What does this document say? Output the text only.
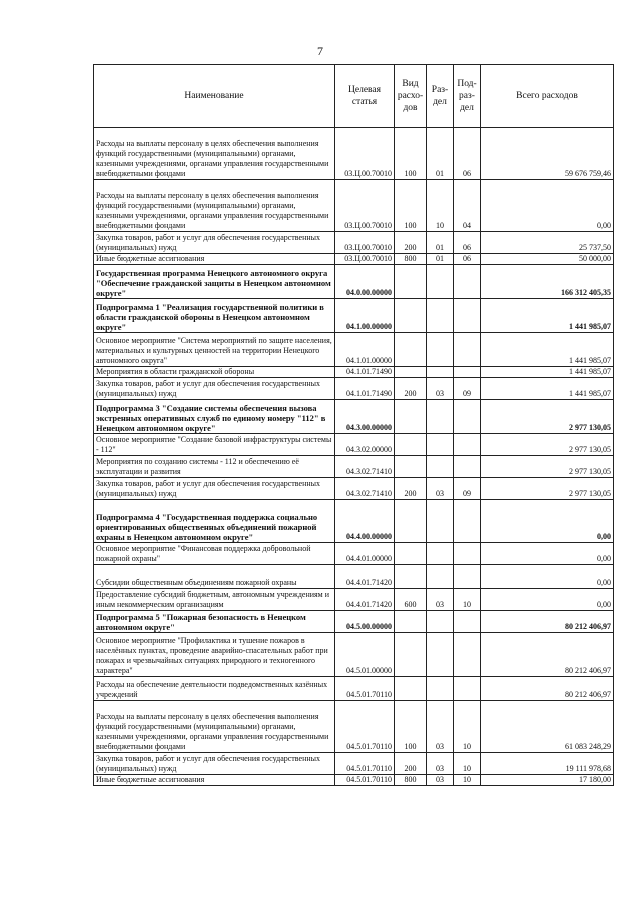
7
Наименование	Целевая статья	Вид расхо-дов	Раз-дел	Под-раз-дел	Всего расходов
Расходы на выплаты персоналу в целях обеспечения выполнения функций государственными (муниципальными) органами, казенными учреждениями, органами управления государственными внебюджетными фондами	03.Ц.00.70010	100	01	06	59 676 759,46
Расходы на выплаты персоналу в целях обеспечения выполнения функций государственными (муниципальными) органами, казенными учреждениями, органами управления государственными внебюджетными фондами	03.Ц.00.70010	100	10	04	0,00
Закупка товаров, работ и услуг для обеспечения государственных (муниципальных) нужд	03.Ц.00.70010	200	01	06	25 737,50
Иные бюджетные ассигнования	03.Ц.00.70010	800	01	06	50 000,00
Государственная программа Ненецкого автономного округа "Обеспечение гражданской защиты в Ненецком автономном округе"	04.0.00.00000				166 312 405,35
Подпрограмма 1 "Реализация государственной политики в области гражданской обороны в Ненецком автономном округе"	04.1.00.00000				1 441 985,07
Основное мероприятие "Система мероприятий по защите населения, материальных и культурных ценностей на территории Ненецкого автономного округа"	04.1.01.00000				1 441 985,07
Мероприятия в области гражданской обороны	04.1.01.71490				1 441 985,07
Закупка товаров, работ и услуг для обеспечения государственных (муниципальных) нужд	04.1.01.71490	200	03	09	1 441 985,07
Подпрограмма 3 "Создание системы обеспечения вызова экстренных оперативных служб по единому номеру "112" в Ненецком автономном округе"	04.3.00.00000				2 977 130,05
Основное мероприятие "Создание базовой инфраструктуры системы - 112"	04.3.02.00000				2 977 130,05
Мероприятия по созданию системы - 112 и обеспечению её эксплуатации и развития	04.3.02.71410				2 977 130,05
Закупка товаров, работ и услуг для обеспечения государственных (муниципальных) нужд	04.3.02.71410	200	03	09	2 977 130,05
Подпрограмма 4 "Государственная поддержка социально ориентированных общественных объединений пожарной охраны в Ненецком автономном округе"	04.4.00.00000				0,00
Основное мероприятие "Финансовая поддержка добровольной пожарной охраны"	04.4.01.00000				0,00
Субсидии общественным объединениям пожарной охраны	04.4.01.71420				0,00
Предоставление субсидий бюджетным, автономным учреждениям и иным некоммерческим организациям	04.4.01.71420	600	03	10	0,00
Подпрограмма 5 "Пожарная безопасность в Ненецком автономном округе"	04.5.00.00000				80 212 406,97
Основное мероприятие "Профилактика и тушение пожаров в населённых пунктах, проведение аварийно-спасательных работ при пожарах и чрезвычайных ситуациях природного и техногенного характера"	04.5.01.00000				80 212 406,97
Расходы на обеспечение деятельности подведомственных казённых учреждений	04.5.01.70110				80 212 406,97
Расходы на выплаты персоналу в целях обеспечения выполнения функций государственными (муниципальными) органами, казенными учреждениями, органами управления государственными внебюджетными фондами	04.5.01.70110	100	03	10	61 083 248,29
Закупка товаров, работ и услуг для обеспечения государственных (муниципальных) нужд	04.5.01.70110	200	03	10	19 111 978,68
Иные бюджетные ассигнования	04.5.01.70110	800	03	10	17 180,00
